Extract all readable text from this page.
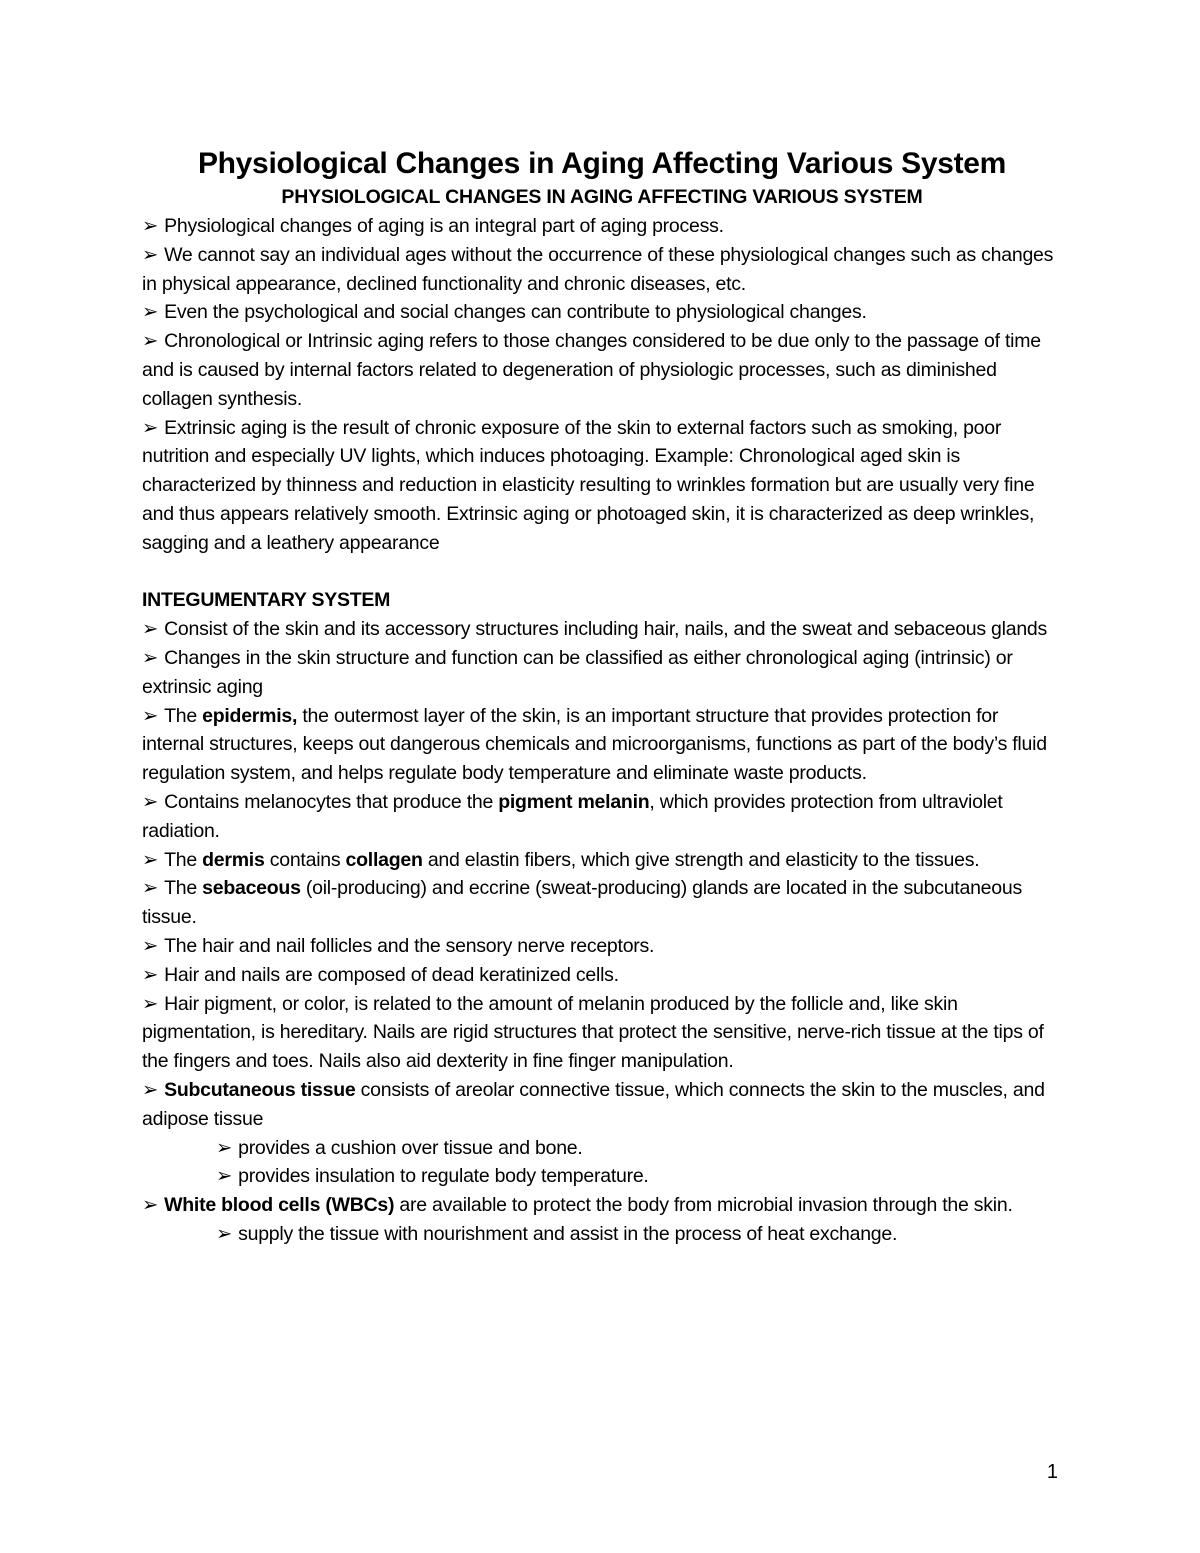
Physiological Changes in Aging Affecting Various System
PHYSIOLOGICAL CHANGES IN AGING AFFECTING VARIOUS SYSTEM

➢ Physiological changes of aging is an integral part of aging process.

➢ We cannot say an individual ages without the occurrence of these physiological changes such as changes in physical appearance, declined functionality and chronic diseases, etc.

➢ Even the psychological and social changes can contribute to physiological changes.

➢ Chronological or Intrinsic aging refers to those changes considered to be due only to the passage of time and is caused by internal factors related to degeneration of physiologic processes, such as diminished collagen synthesis.

➢ Extrinsic aging is the result of chronic exposure of the skin to external factors such as smoking, poor nutrition and especially UV lights, which induces photoaging. Example: Chronological aged skin is characterized by thinness and reduction in elasticity resulting to wrinkles formation but are usually very fine and thus appears relatively smooth. Extrinsic aging or photoaged skin, it is characterized as deep wrinkles, sagging and a leathery appearance

INTEGUMENTARY SYSTEM

➢ Consist of the skin and its accessory structures including hair, nails, and the sweat and sebaceous glands

➢ Changes in the skin structure and function can be classified as either chronological aging (intrinsic) or extrinsic aging

➢ The epidermis, the outermost layer of the skin, is an important structure that provides protection for internal structures, keeps out dangerous chemicals and microorganisms, functions as part of the body’s fluid regulation system, and helps regulate body temperature and eliminate waste products.

➢ Contains melanocytes that produce the pigment melanin, which provides protection from ultraviolet radiation.

➢ The dermis contains collagen and elastin fibers, which give strength and elasticity to the tissues.

➢ The sebaceous (oil-producing) and eccrine (sweat-producing) glands are located in the subcutaneous tissue.

➢ The hair and nail follicles and the sensory nerve receptors.

➢ Hair and nails are composed of dead keratinized cells.

➢ Hair pigment, or color, is related to the amount of melanin produced by the follicle and, like skin pigmentation, is hereditary. Nails are rigid structures that protect the sensitive, nerve-rich tissue at the tips of the fingers and toes. Nails also aid dexterity in fine finger manipulation.

➢ Subcutaneous tissue consists of areolar connective tissue, which connects the skin to the muscles, and adipose tissue

➢ provides a cushion over tissue and bone.

➢ provides insulation to regulate body temperature.

➢ White blood cells (WBCs) are available to protect the body from microbial invasion through the skin.

➢ supply the tissue with nourishment and assist in the process of heat exchange.

1
